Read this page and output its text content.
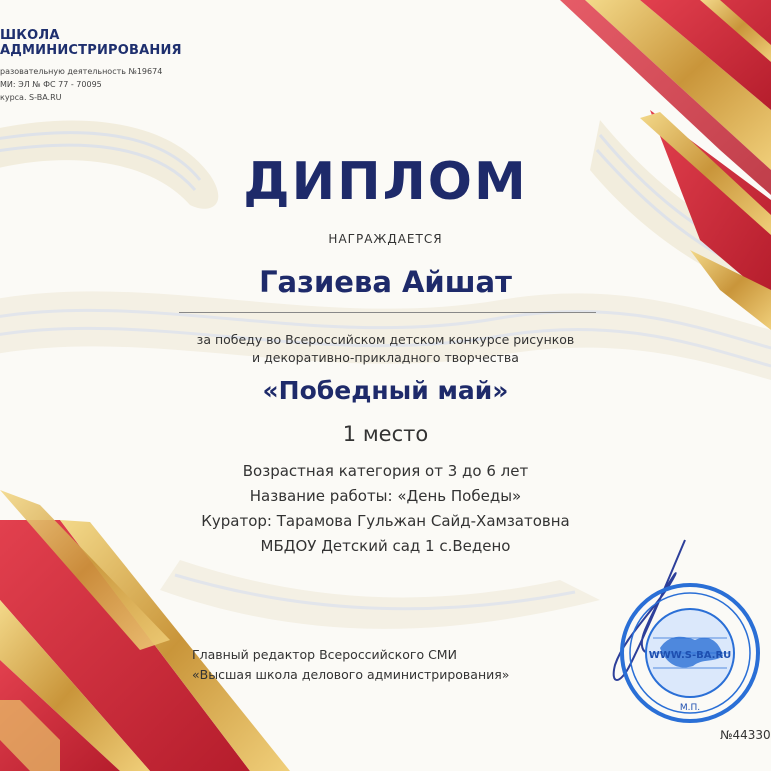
ШКОЛА
АДМИНИСТРИРОВАНИЯ
разовательную деятельность №19674
МИ: ЭЛ № ФС 77 - 70095
курса. S-BA.RU
ДИПЛОМ
НАГРАЖДАЕТСЯ
Газиева Айшат
за победу во Всероссийском детском конкурсе рисунков
и декоративно-прикладного творчества
«Победный май»
1 место
Возрастная категория от 3 до 6 лет
Название работы: «День Победы»
Куратор: Тарамова Гульжан Сайд-Хамзатовна
МБДОУ Детский сад 1 с.Ведено
Главный редактор Всероссийского СМИ
«Высшая школа делового администрирования»
WWW.S-BA.RU
М.П.
№44330
